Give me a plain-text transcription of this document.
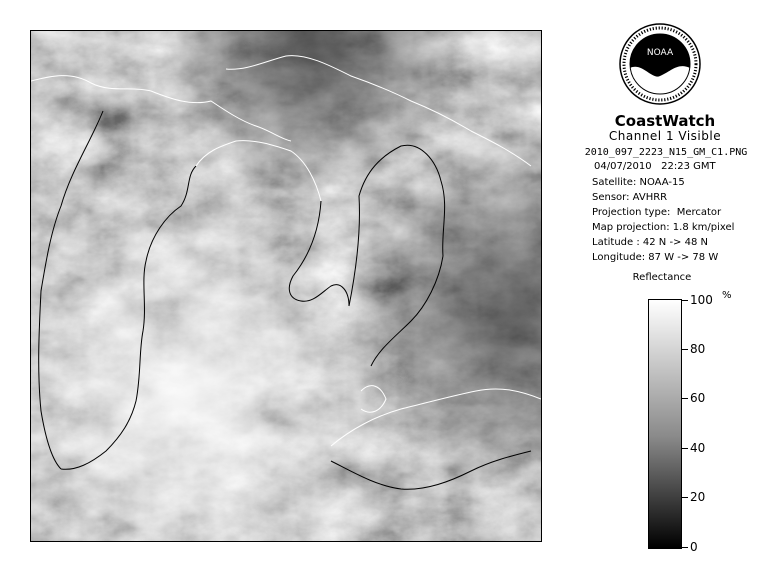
NOAA
CoastWatch
Channel 1 Visible
2010_097_2223_N15_GM_C1.PNG
04/07/2010   22:23 GMT
Satellite: NOAA-15
Sensor: AVHRR
Projection type:  Mercator
Map projection: 1.8 km/pixel
Latitude : 42 N -> 48 N
Longitude: 87 W -> 78 W
Reflectance
%
100
80
60
40
20
0
